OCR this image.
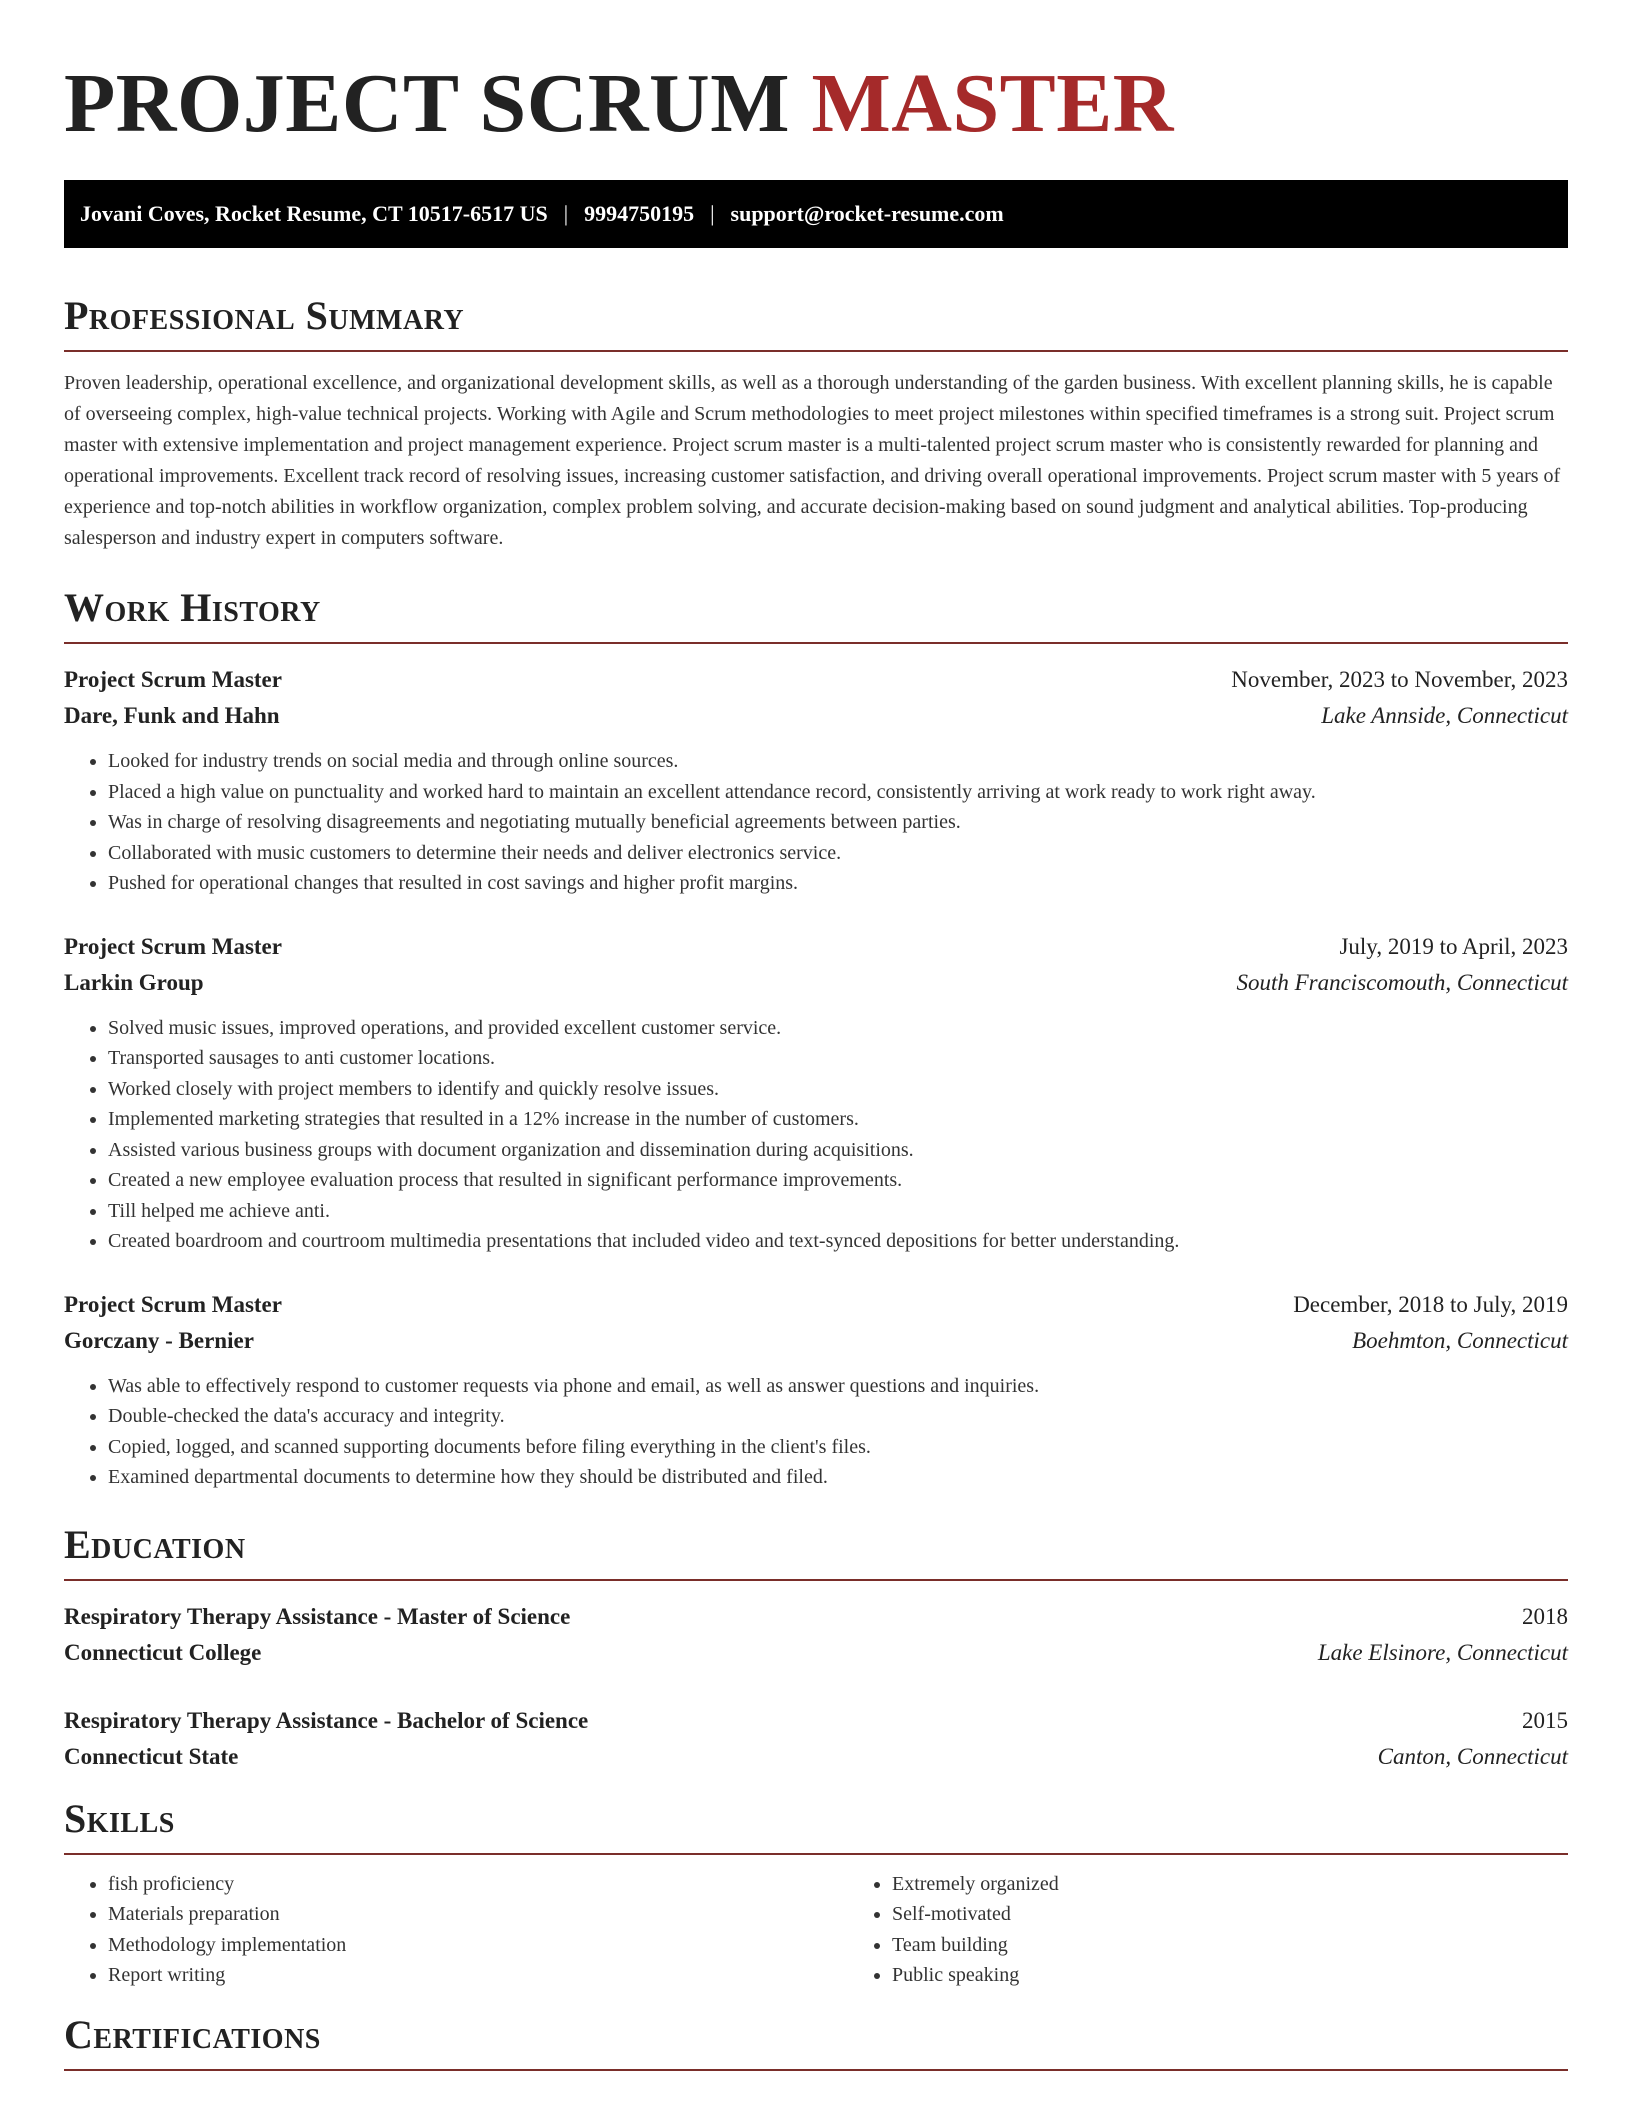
PROJECT SCRUM MASTER
Jovani Coves, Rocket Resume, CT 10517-6517 US | 9994750195 | support@rocket-resume.com
Professional Summary

Proven leadership, operational excellence, and organizational development skills, as well as a thorough understanding of the garden business. With excellent planning skills, he is capable of overseeing complex, high-value technical projects. Working with Agile and Scrum methodologies to meet project milestones within specified timeframes is a strong suit. Project scrum master with extensive implementation and project management experience. Project scrum master is a multi-talented project scrum master who is consistently rewarded for planning and operational improvements. Excellent track record of resolving issues, increasing customer satisfaction, and driving overall operational improvements. Project scrum master with 5 years of experience and top-notch abilities in workflow organization, complex problem solving, and accurate decision-making based on sound judgment and analytical abilities. Top-producing salesperson and industry expert in computers software.

Work History
Project Scrum Master	November, 2023 to November, 2023
Dare, Funk and Hahn	Lake Annside, Connecticut
• Looked for industry trends on social media and through online sources.
• Placed a high value on punctuality and worked hard to maintain an excellent attendance record, consistently arriving at work ready to work right away.
• Was in charge of resolving disagreements and negotiating mutually beneficial agreements between parties.
• Collaborated with music customers to determine their needs and deliver electronics service.
• Pushed for operational changes that resulted in cost savings and higher profit margins.
Project Scrum Master	July, 2019 to April, 2023
Larkin Group	South Franciscomouth, Connecticut
• Solved music issues, improved operations, and provided excellent customer service.
• Transported sausages to anti customer locations.
• Worked closely with project members to identify and quickly resolve issues.
• Implemented marketing strategies that resulted in a 12% increase in the number of customers.
• Assisted various business groups with document organization and dissemination during acquisitions.
• Created a new employee evaluation process that resulted in significant performance improvements.
• Till helped me achieve anti.
• Created boardroom and courtroom multimedia presentations that included video and text-synced depositions for better understanding.
Project Scrum Master	December, 2018 to July, 2019
Gorczany - Bernier	Boehmton, Connecticut
• Was able to effectively respond to customer requests via phone and email, as well as answer questions and inquiries.
• Double-checked the data's accuracy and integrity.
• Copied, logged, and scanned supporting documents before filing everything in the client's files.
• Examined departmental documents to determine how they should be distributed and filed.
Education
Respiratory Therapy Assistance - Master of Science	2018
Connecticut College	Lake Elsinore, Connecticut
Respiratory Therapy Assistance - Bachelor of Science	2015
Connecticut State	Canton, Connecticut
Skills
• fish proficiency
• Materials preparation
• Methodology implementation
• Report writing
• Extremely organized
• Self-motivated
• Team building
• Public speaking
Certifications
